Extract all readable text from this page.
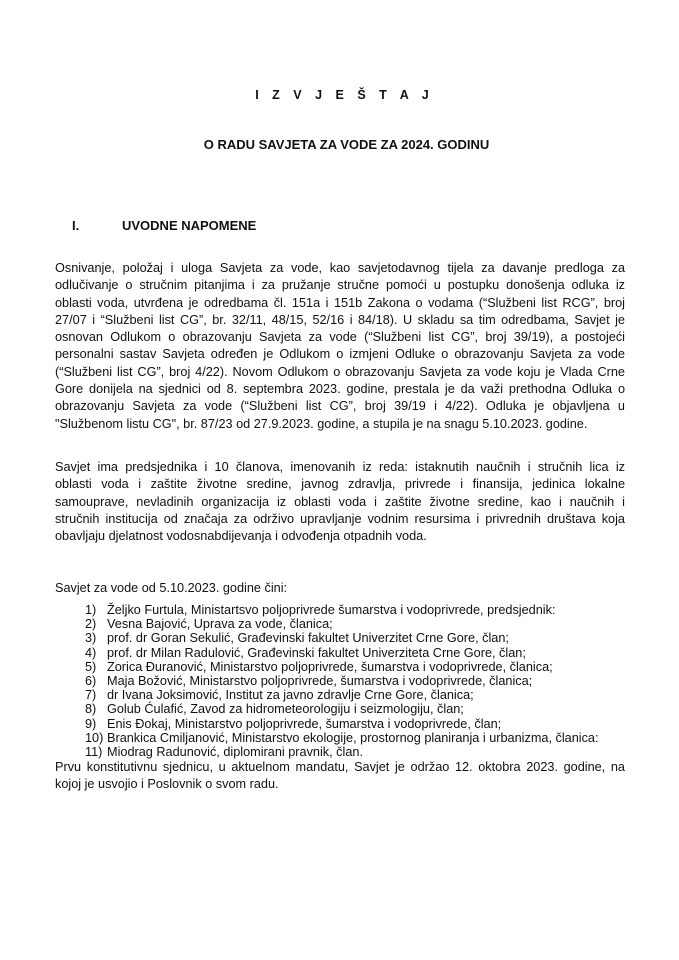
I Z V J E Š T A J
O RADU SAVJETA ZA VODE ZA 2024. GODINU
I.	UVODNE NAPOMENE
Osnivanje, položaj i uloga Savjeta za vode, kao savjetodavnog tijela za davanje predloga za
odlučivanje o stručnim pitanjima i za pružanje stručne pomoći u postupku donošenja odluka iz
oblasti voda, utvrđena je odredbama čl. 151a i 151b Zakona o vodama (“Službeni list RCG”, broj
27/07 i “Službeni list CG”, br. 32/11, 48/15, 52/16 i 84/18). U skladu sa tim odredbama, Savjet je
osnovan Odlukom o obrazovanju Savjeta za vode (“Službeni list CG”, broj 39/19), a postojeći
personalni sastav Savjeta određen je Odlukom o izmjeni Odluke o obrazovanju Savjeta za vode
(“Službeni list CG”, broj 4/22). Novom Odlukom o obrazovanju Savjeta za vode koju je Vlada Crne
Gore donijela na sjednici od 8. septembra 2023. godine, prestala je da važi prethodna Odluka o
obrazovanju Savjeta za vode (“Službeni list CG”, broj 39/19 i 4/22). Odluka je objavljena u
"Službenom listu CG", br. 87/23 od 27.9.2023. godine, a stupila je na snagu 5.10.2023. godine.
Savjet ima predsjednika i 10 članova, imenovanih iz reda: istaknutih naučnih i stručnih lica iz
oblasti voda i zaštite životne sredine, javnog zdravlja, privrede i finansija, jedinica lokalne
samouprave, nevladinih organizacija iz oblasti voda i zaštite životne sredine, kao i naučnih i
stručnih institucija od značaja za održivo upravljanje vodnim resursima i privrednih društava koja
obavljaju djelatnost vodosnabdijevanja i odvođenja otpadnih voda.
Savjet za vode od 5.10.2023. godine čini:
1) Željko Furtula, Ministartsvo poljoprivrede šumarstva i vodoprivrede, predsjednik:
2) Vesna Bajović, Uprava za vode, članica;
3) prof. dr Goran Sekulić, Građevinski fakultet Univerzitet Crne Gore, član;
4) prof. dr Milan Radulović, Građevinski fakultet Univerziteta Crne Gore, član;
5) Zorica Đuranović, Ministarstvo poljoprivrede, šumarstva i vodoprivrede, članica;
6) Maja Božović, Ministarstvo poljoprivrede, šumarstva i vodoprivrede, članica;
7) dr Ivana Joksimović, Institut za javno zdravlje Crne Gore, članica;
8) Golub Ćulafić, Zavod za hidrometeorologiju i seizmologiju, član;
9) Enis Đokaj, Ministarstvo poljoprivrede, šumarstva i vodoprivrede, član;
10) Brankica Cmiljanović, Ministarstvo ekologije, prostornog planiranja i urbanizma, članica:
11) Miodrag Radunović, diplomirani pravnik, član.
Prvu konstitutivnu sjednicu, u aktuelnom mandatu, Savjet je održao 12. oktobra 2023. godine, na
kojoj je usvojio i Poslovnik o svom radu.
